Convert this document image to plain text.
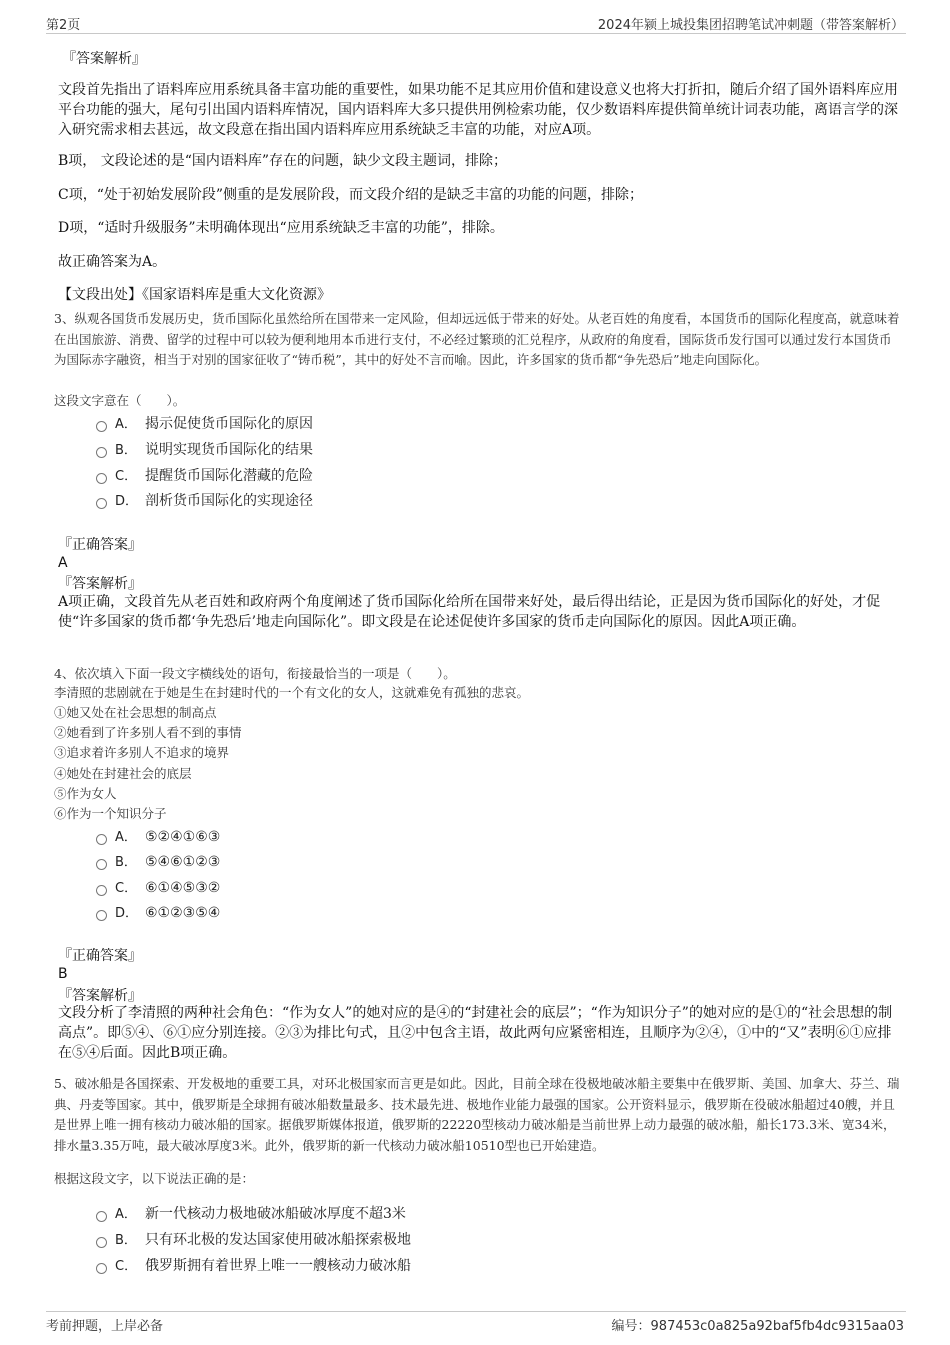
第2页	2024年颍上城投集团招聘笔试冲刺题（带答案解析）
『答案解析』
文段首先指出了语料库应用系统具备丰富功能的重要性，如果功能不足其应用价值和建设意义也将大打折扣，随后介绍了国外语料库应用平台功能的强大，尾句引出国内语料库情况，国内语料库大多只提供用例检索功能，仅少数语料库提供简单统计词表功能，离语言学的深入研究需求相去甚远，故文段意在指出国内语料库应用系统缺乏丰富的功能，对应A项。
B项， 文段论述的是“国内语料库”存在的问题，缺少文段主题词，排除；
C项，“处于初始发展阶段”侧重的是发展阶段，而文段介绍的是缺乏丰富的功能的问题，排除；
D项，“适时升级服务”未明确体现出“应用系统缺乏丰富的功能”，排除。
故正确答案为A。
【文段出处】《国家语料库是重大文化资源》
3、纵观各国货币发展历史，货币国际化虽然给所在国带来一定风险，但却远远低于带来的好处。从老百姓的角度看，本国货币的国际化程度高，就意味着在出国旅游、消费、留学的过程中可以较为便利地用本币进行支付，不必经过繁琐的汇兑程序，从政府的角度看，国际货币发行国可以通过发行本国货币为国际赤字融资，相当于对别的国家征收了“铸币税”，其中的好处不言而喻。因此，许多国家的货币都“争先恐后”地走向国际化。
这段文字意在（　　）。
A． 揭示促使货币国际化的原因
B． 说明实现货币国际化的结果
C． 提醒货币国际化潜藏的危险
D． 剖析货币国际化的实现途径
『正确答案』
A
『答案解析』
A项正确，文段首先从老百姓和政府两个角度阐述了货币国际化给所在国带来好处，最后得出结论，正是因为货币国际化的好处，才促使“许多国家的货币都‘争先恐后’地走向国际化”。即文段是在论述促使许多国家的货币走向国际化的原因。因此A项正确。
4、依次填入下面一段文字横线处的语句，衔接最恰当的一项是（　　）。
李清照的悲剧就在于她是生在封建时代的一个有文化的女人，这就难免有孤独的悲哀。
①她又处在社会思想的制高点
②她看到了许多别人看不到的事情
③追求着许多别人不追求的境界
④她处在封建社会的底层
⑤作为女人
⑥作为一个知识分子
A． ⑤②④①⑥③
B． ⑤④⑥①②③
C． ⑥①④⑤③②
D． ⑥①②③⑤④
『正确答案』
B
『答案解析』
文段分析了李清照的两种社会角色：“作为女人”的她对应的是④的“封建社会的底层”；“作为知识分子”的她对应的是①的“社会思想的制高点”。即⑤④、⑥①应分别连接。②③为排比句式，且②中包含主语，故此两句应紧密相连，且顺序为②④，①中的“又”表明⑥①应排在⑤④后面。因此B项正确。
5、破冰船是各国探索、开发极地的重要工具，对环北极国家而言更是如此。因此，目前全球在役极地破冰船主要集中在俄罗斯、美国、加拿大、芬兰、瑞典、丹麦等国家。其中，俄罗斯是全球拥有破冰船数量最多、技术最先进、极地作业能力最强的国家。公开资料显示，俄罗斯在役破冰船超过40艘，并且是世界上唯一拥有核动力破冰船的国家。据俄罗斯媒体报道，俄罗斯的22220型核动力破冰船是当前世界上动力最强的破冰船，船长173.3米、宽34米，排水量3.35万吨，最大破冰厚度3米。此外，俄罗斯的新一代核动力破冰船10510型也已开始建造。
根据这段文字，以下说法正确的是：
A． 新一代核动力极地破冰船破冰厚度不超3米
B． 只有环北极的发达国家使用破冰船探索极地
C． 俄罗斯拥有着世界上唯一一艘核动力破冰船
考前押题，上岸必备	编号：987453c0a825a92baf5fb4dc9315aa03
